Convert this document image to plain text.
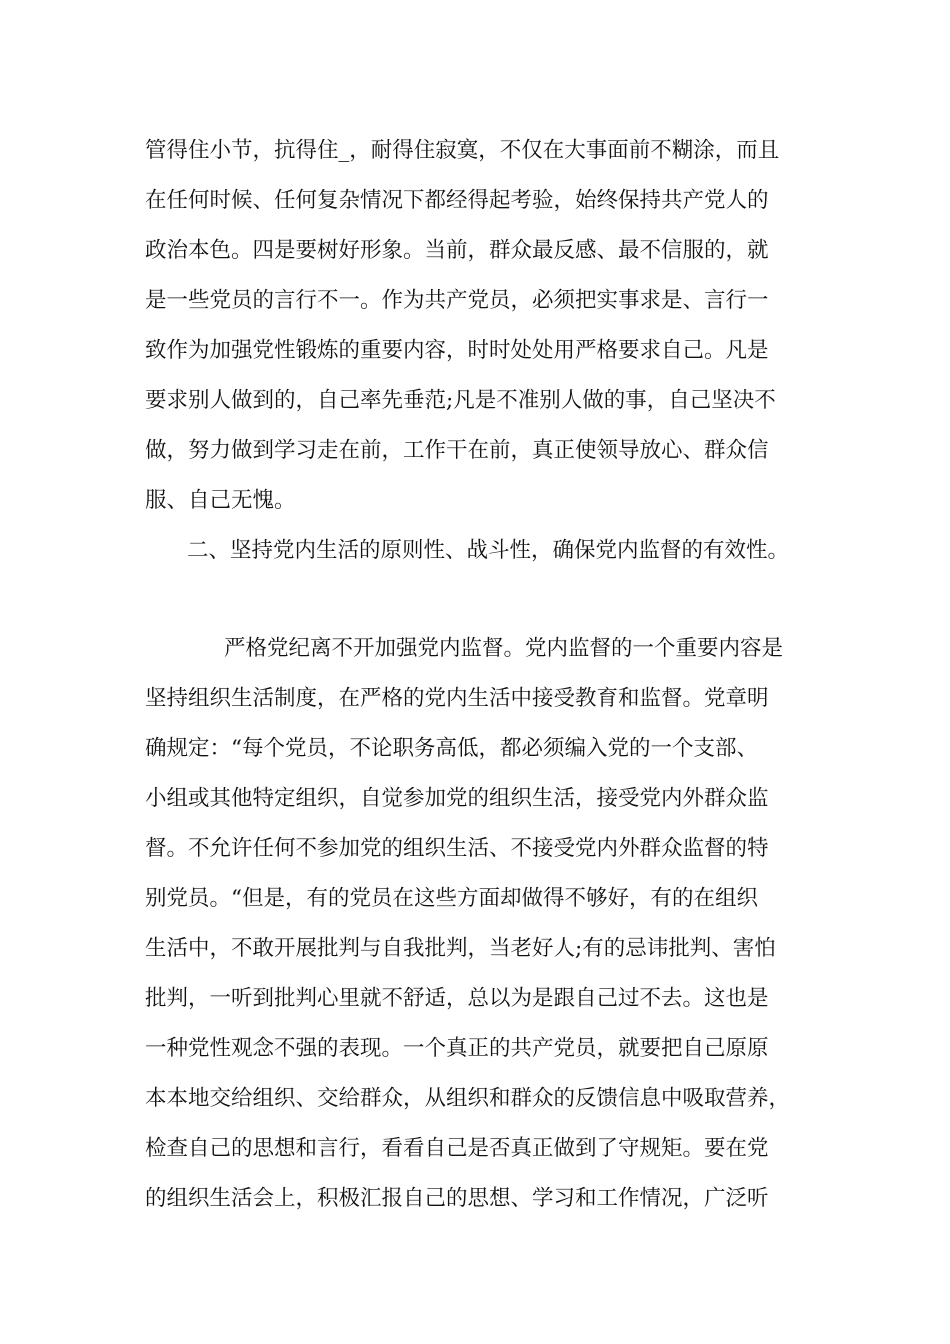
管得住小节，抗得住_，耐得住寂寞，不仅在大事面前不糊涂，而且

在任何时候、任何复杂情况下都经得起考验，始终保持共产党人的

政治本色。四是要树好形象。当前，群众最反感、最不信服的，就

是一些党员的言行不一。作为共产党员，必须把实事求是、言行一

致作为加强党性锻炼的重要内容，时时处处用严格要求自己。凡是

要求别人做到的，自己率先垂范;凡是不准别人做的事，自己坚决不

做，努力做到学习走在前，工作干在前，真正使领导放心、群众信

服、自己无愧。

二、坚持党内生活的原则性、战斗性，确保党内监督的有效性。

严格党纪离不开加强党内监督。党内监督的一个重要内容是

坚持组织生活制度，在严格的党内生活中接受教育和监督。党章明

确规定：“每个党员，不论职务高低，都必须编入党的一个支部、

小组或其他特定组织，自觉参加党的组织生活，接受党内外群众监

督。不允许任何不参加党的组织生活、不接受党内外群众监督的特

别党员。“但是，有的党员在这些方面却做得不够好，有的在组织

生活中，不敢开展批判与自我批判，当老好人;有的忌讳批判、害怕

批判，一听到批判心里就不舒适，总以为是跟自己过不去。这也是

一种党性观念不强的表现。一个真正的共产党员，就要把自己原原

本本地交给组织、交给群众，从组织和群众的反馈信息中吸取营养，

检查自己的思想和言行，看看自己是否真正做到了守规矩。要在党

的组织生活会上，积极汇报自己的思想、学习和工作情况，广泛听
